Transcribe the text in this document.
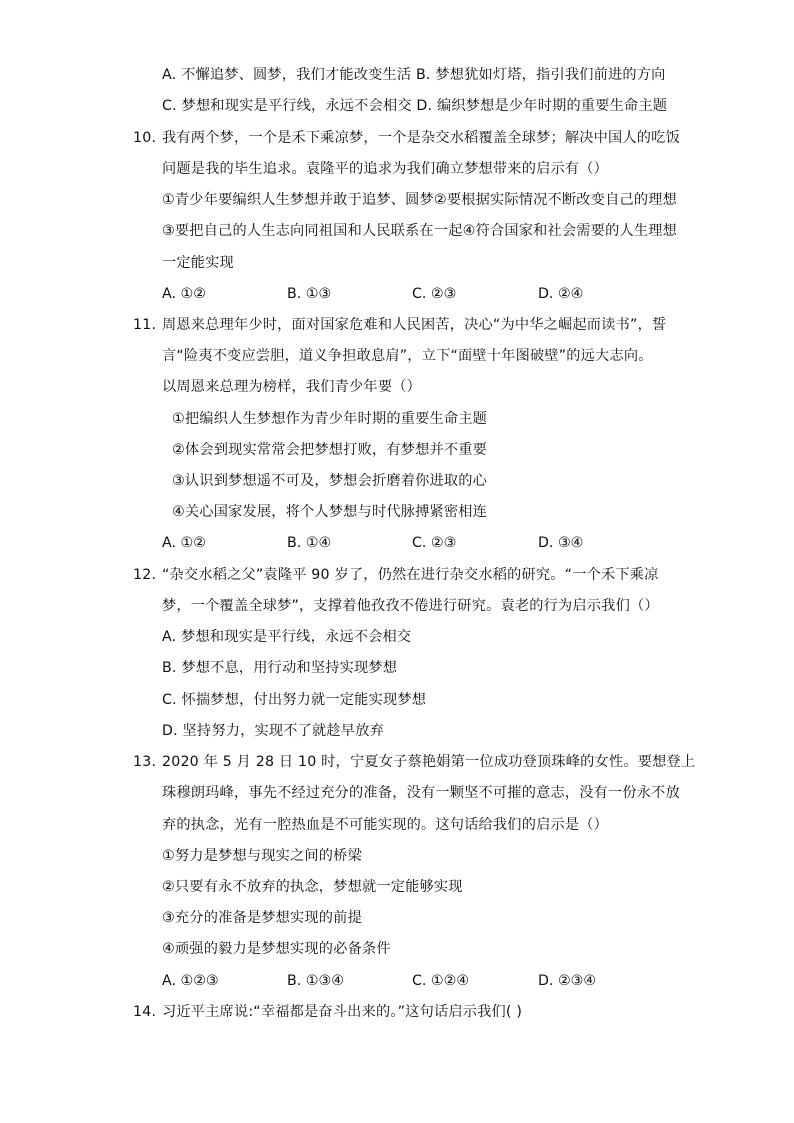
A. 不懈追梦、圆梦，我们才能改变生活 B. 梦想犹如灯塔，指引我们前进的方向
C. 梦想和现实是平行线，永远不会相交 D. 编织梦想是少年时期的重要生命主题
10. 我有两个梦，一个是禾下乘凉梦，一个是杂交水稻覆盖全球梦；解决中国人的吃饭
问题是我的毕生追求。袁隆平的追求为我们确立梦想带来的启示有（）
①青少年要编织人生梦想并敢于追梦、圆梦②要根据实际情况不断改变自己的理想
③要把自己的人生志向同祖国和人民联系在一起④符合国家和社会需要的人生理想
一定能实现
A. ①②	B. ①③	C. ②③	D. ②④
11. 周恩来总理年少时，面对国家危难和人民困苦，决心“为中华之崛起而读书”，誓
言“险夷不变应尝胆，道义争担敢息肩”，立下“面壁十年图破壁”的远大志向。
以周恩来总理为榜样，我们青少年要（）
①把编织人生梦想作为青少年时期的重要生命主题
②体会到现实常常会把梦想打败，有梦想并不重要
③认识到梦想遥不可及，梦想会折磨着你进取的心
④关心国家发展，将个人梦想与时代脉搏紧密相连
A. ①②	B. ①④	C. ②③	D. ③④
12. “杂交水稻之父”袁隆平 90 岁了，仍然在进行杂交水稻的研究。“一个禾下乘凉
梦，一个覆盖全球梦”，支撑着他孜孜不倦进行研究。袁老的行为启示我们（）
A. 梦想和现实是平行线，永远不会相交
B. 梦想不息，用行动和坚持实现梦想
C. 怀揣梦想，付出努力就一定能实现梦想
D. 坚持努力，实现不了就趁早放弃
13. 2020 年 5 月 28 日 10 时，宁夏女子蔡艳娟第一位成功登顶珠峰的女性。要想登上
珠穆朗玛峰，事先不经过充分的准备，没有一颗坚不可摧的意志，没有一份永不放
弃的执念，光有一腔热血是不可能实现的。这句话给我们的启示是（）
①努力是梦想与现实之间的桥梁
②只要有永不放弃的执念，梦想就一定能够实现
③充分的准备是梦想实现的前提
④顽强的毅力是梦想实现的必备条件
A. ①②③	B. ①③④	C. ①②④	D. ②③④
14. 习近平主席说:“幸福都是奋斗出来的。”这句话启示我们( )
